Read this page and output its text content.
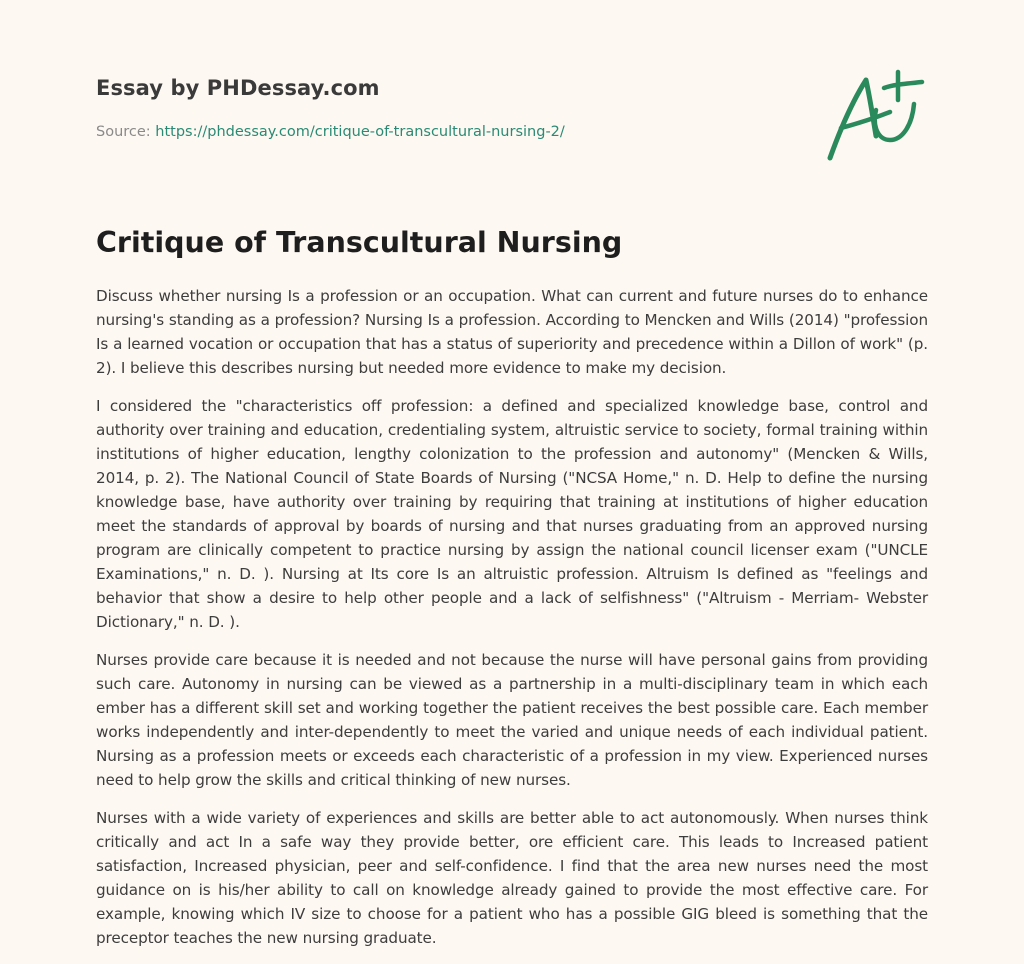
Essay by PHDessay.com
Source: https://phdessay.com/critique-of-transcultural-nursing-2/
Critique of Transcultural Nursing

Discuss whether nursing Is a profession or an occupation. What can current and future nurses do to enhance nursing's standing as a profession? Nursing Is a profession. According to Mencken and Wills (2014) "profession Is a learned vocation or occupation that has a status of superiority and precedence within a Dillon of work" (p. 2). I believe this describes nursing but needed more evidence to make my decision.

I considered the "characteristics off profession: a defined and specialized knowledge base, control and authority over training and education, credentialing system, altruistic service to society, formal training within institutions of higher education, lengthy colonization to the profession and autonomy" (Mencken & Wills, 2014, p. 2). The National Council of State Boards of Nursing ("NCSA Home," n. D. Help to define the nursing knowledge base, have authority over training by requiring that training at institutions of higher education meet the standards of approval by boards of nursing and that nurses graduating from an approved nursing program are clinically competent to practice nursing by assign the national council licenser exam ("UNCLE Examinations," n. D. ). Nursing at Its core Is an altruistic profession. Altruism Is defined as "feelings and behavior that show a desire to help other people and a lack of selfishness" ("Altruism - Merriam- Webster Dictionary," n. D. ).

Nurses provide care because it is needed and not because the nurse will have personal gains from providing such care. Autonomy in nursing can be viewed as a partnership in a multi-disciplinary team in which each ember has a different skill set and working together the patient receives the best possible care. Each member works independently and inter-dependently to meet the varied and unique needs of each individual patient. Nursing as a profession meets or exceeds each characteristic of a profession in my view. Experienced nurses need to help grow the skills and critical thinking of new nurses.

Nurses with a wide variety of experiences and skills are better able to act autonomously. When nurses think critically and act In a safe way they provide better, ore efficient care. This leads to Increased patient satisfaction, Increased physician, peer and self-confidence. I find that the area new nurses need the most guidance on is his/her ability to call on knowledge already gained to provide the most effective care. For example, knowing which IV size to choose for a patient who has a possible GIG bleed is something that the preceptor teaches the new nursing graduate.
